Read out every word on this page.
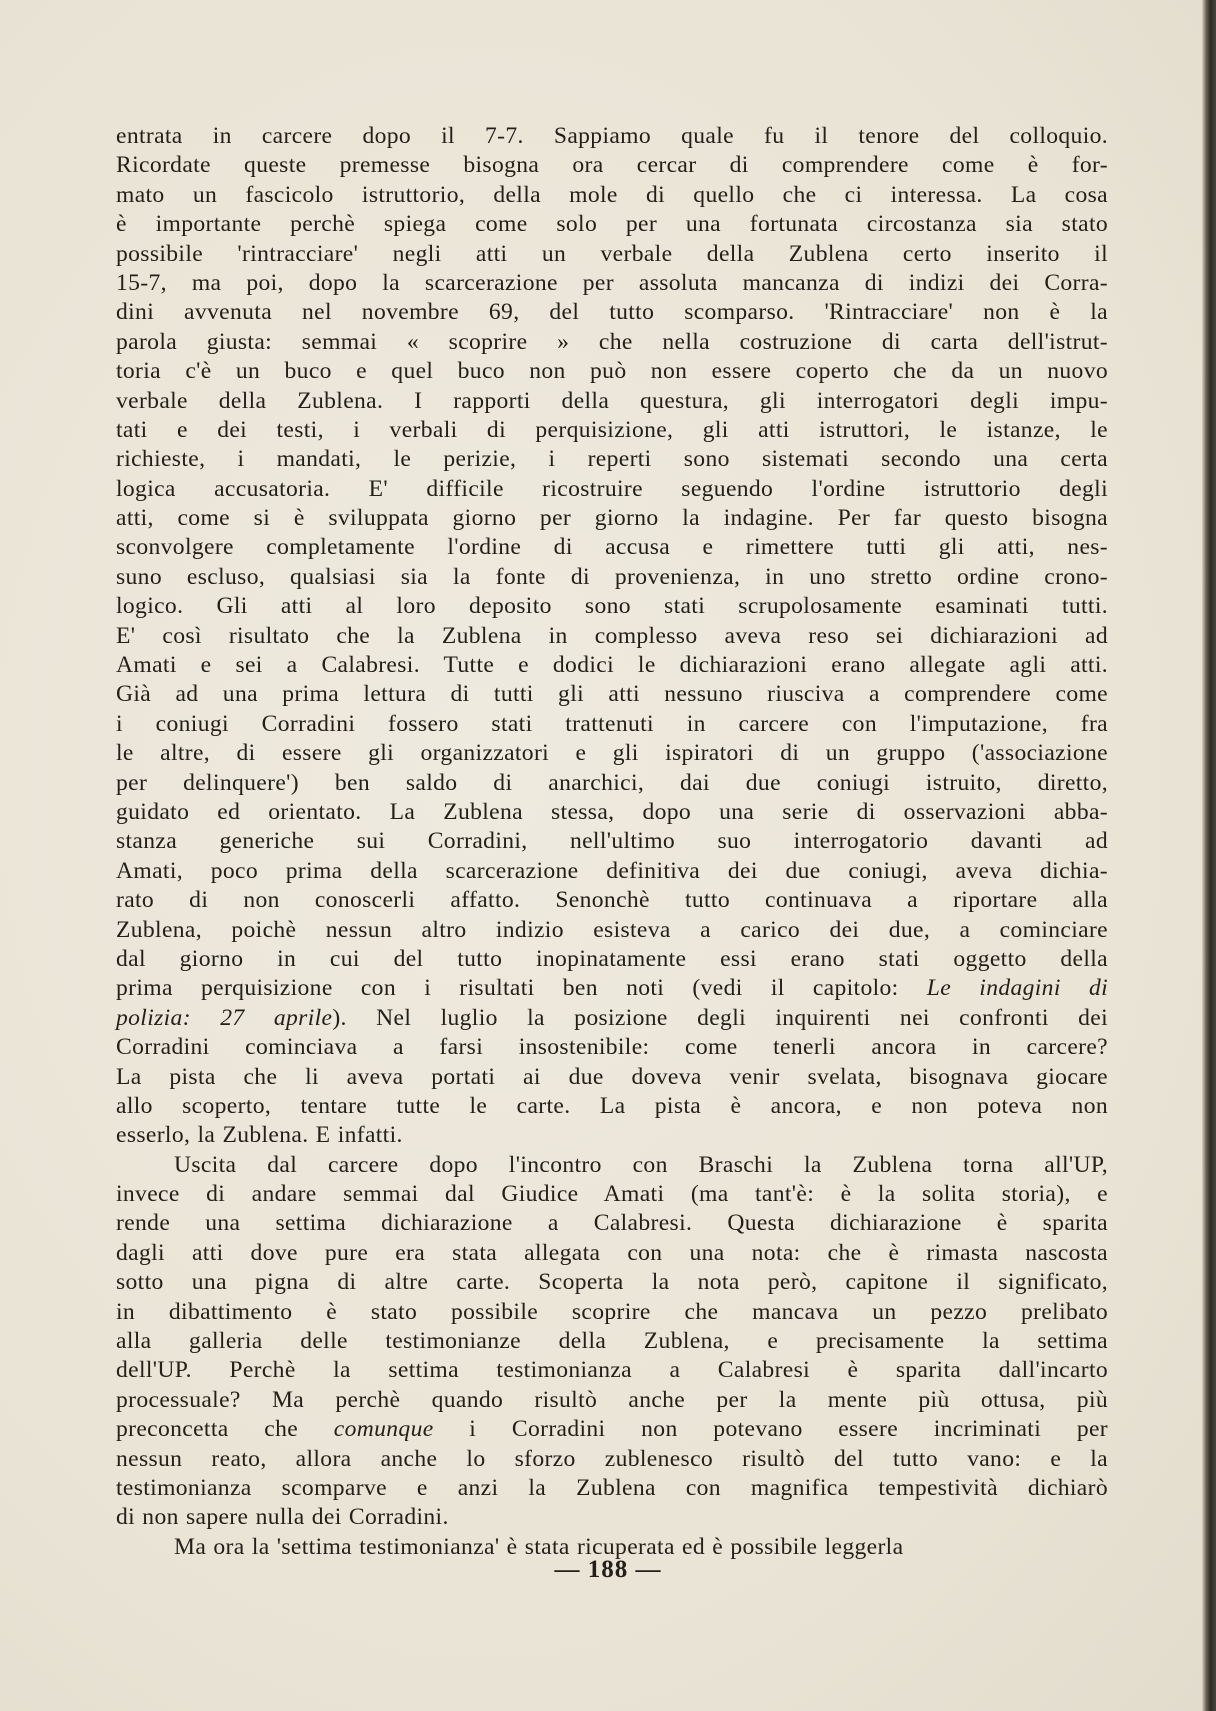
entrata in carcere dopo il 7-7. Sappiamo quale fu il tenore del colloquio.
Ricordate queste premesse bisogna ora cercar di comprendere come è for-
mato un fascicolo istruttorio, della mole di quello che ci interessa. La cosa
è importante perchè spiega come solo per una fortunata circostanza sia stato
possibile 'rintracciare' negli atti un verbale della Zublena certo inserito il
15-7, ma poi, dopo la scarcerazione per assoluta mancanza di indizi dei Corra-
dini avvenuta nel novembre 69, del tutto scomparso. 'Rintracciare' non è la
parola giusta: semmai « scoprire » che nella costruzione di carta dell'istrut-
toria c'è un buco e quel buco non può non essere coperto che da un nuovo
verbale della Zublena. I rapporti della questura, gli interrogatori degli impu-
tati e dei testi, i verbali di perquisizione, gli atti istruttori, le istanze, le
richieste, i mandati, le perizie, i reperti sono sistemati secondo una certa
logica accusatoria. E' difficile ricostruire seguendo l'ordine istruttorio degli
atti, come si è sviluppata giorno per giorno la indagine. Per far questo bisogna
sconvolgere completamente l'ordine di accusa e rimettere tutti gli atti, nes-
suno escluso, qualsiasi sia la fonte di provenienza, in uno stretto ordine crono-
logico. Gli atti al loro deposito sono stati scrupolosamente esaminati tutti.
E' così risultato che la Zublena in complesso aveva reso sei dichiarazioni ad
Amati e sei a Calabresi. Tutte e dodici le dichiarazioni erano allegate agli atti.
Già ad una prima lettura di tutti gli atti nessuno riusciva a comprendere come
i coniugi Corradini fossero stati trattenuti in carcere con l'imputazione, fra
le altre, di essere gli organizzatori e gli ispiratori di un gruppo ('associazione
per delinquere') ben saldo di anarchici, dai due coniugi istruito, diretto,
guidato ed orientato. La Zublena stessa, dopo una serie di osservazioni abba-
stanza generiche sui Corradini, nell'ultimo suo interrogatorio davanti ad
Amati, poco prima della scarcerazione definitiva dei due coniugi, aveva dichia-
rato di non conoscerli affatto. Senonchè tutto continuava a riportare alla
Zublena, poichè nessun altro indizio esisteva a carico dei due, a cominciare
dal giorno in cui del tutto inopinatamente essi erano stati oggetto della
prima perquisizione con i risultati ben noti (vedi il capitolo: Le indagini di
polizia: 27 aprile). Nel luglio la posizione degli inquirenti nei confronti dei
Corradini cominciava a farsi insostenibile: come tenerli ancora in carcere?
La pista che li aveva portati ai due doveva venir svelata, bisognava giocare
allo scoperto, tentare tutte le carte. La pista è ancora, e non poteva non
esserlo, la Zublena. E infatti.
Uscita dal carcere dopo l'incontro con Braschi la Zublena torna all'UP,
invece di andare semmai dal Giudice Amati (ma tant'è: è la solita storia), e
rende una settima dichiarazione a Calabresi. Questa dichiarazione è sparita
dagli atti dove pure era stata allegata con una nota: che è rimasta nascosta
sotto una pigna di altre carte. Scoperta la nota però, capitone il significato,
in dibattimento è stato possibile scoprire che mancava un pezzo prelibato
alla galleria delle testimonianze della Zublena, e precisamente la settima
dell'UP. Perchè la settima testimonianza a Calabresi è sparita dall'incarto
processuale? Ma perchè quando risultò anche per la mente più ottusa, più
preconcetta che comunque i Corradini non potevano essere incriminati per
nessun reato, allora anche lo sforzo zublenesco risultò del tutto vano: e la
testimonianza scomparve e anzi la Zublena con magnifica tempestività dichiarò
di non sapere nulla dei Corradini.
Ma ora la 'settima testimonianza' è stata ricuperata ed è possibile leggerla
— 188 —
